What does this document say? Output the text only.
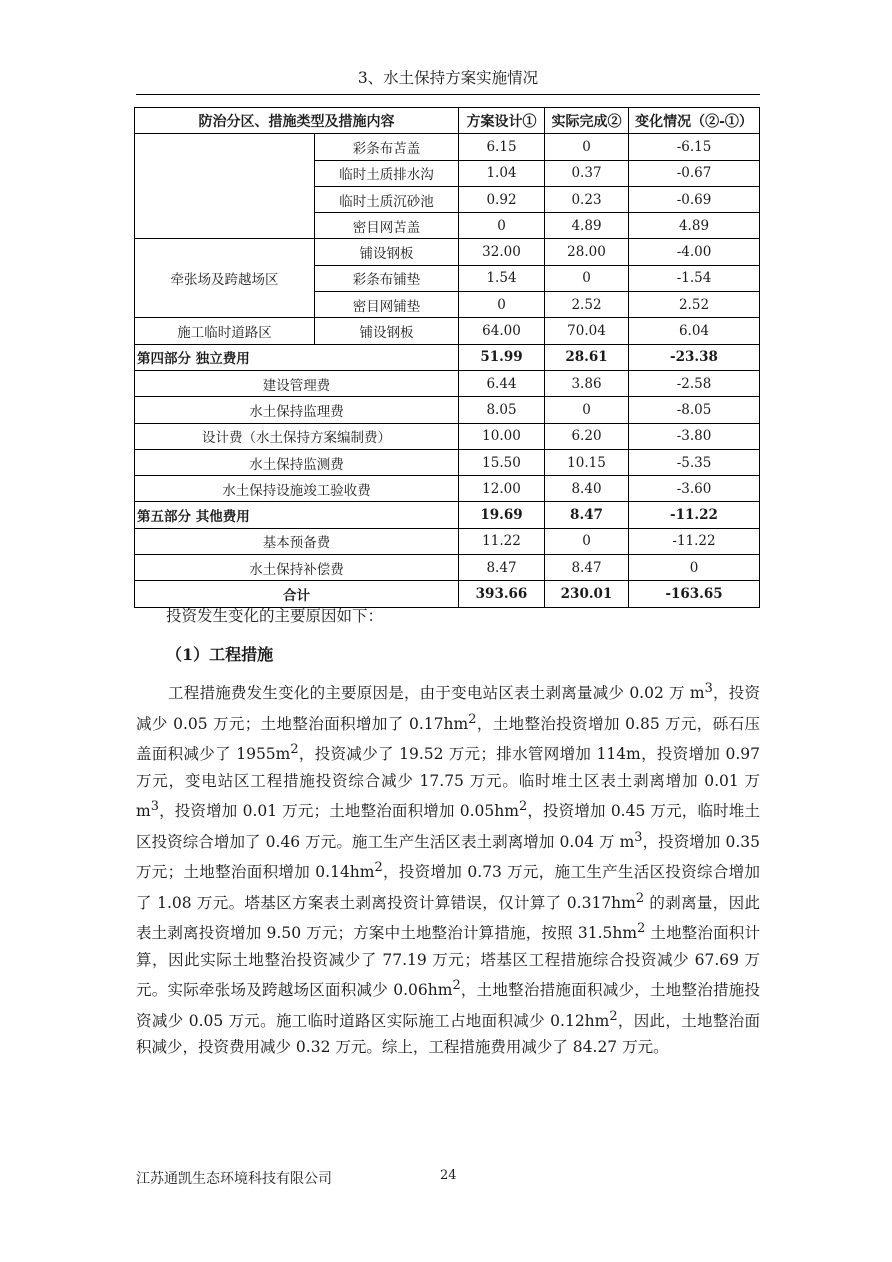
3、水土保持方案实施情况
防治分区、措施类型及措施内容		方案设计①	实际完成②	变化情况（②-①）
	彩条布苫盖	6.15	0	-6.15
	临时土质排水沟	1.04	0.37	-0.67
	临时土质沉砂池	0.92	0.23	-0.69
	密目网苫盖	0	4.89	4.89
牵张场及跨越场区	铺设钢板	32.00	28.00	-4.00
	彩条布铺垫	1.54	0	-1.54
	密目网铺垫	0	2.52	2.52
施工临时道路区	铺设钢板	64.00	70.04	6.04
第四部分 独立费用		51.99	28.61	-23.38
建设管理费		6.44	3.86	-2.58
水土保持监理费		8.05	0	-8.05
设计费（水土保持方案编制费）		10.00	6.20	-3.80
水土保持监测费		15.50	10.15	-5.35
水土保持设施竣工验收费		12.00	8.40	-3.60
第五部分 其他费用		19.69	8.47	-11.22
基本预备费		11.22	0	-11.22
水土保持补偿费		8.47	8.47	0
合计		393.66	230.01	-163.65
投资发生变化的主要原因如下：
（1）工程措施
工程措施费发生变化的主要原因是，由于变电站区表土剥离量减少 0.02 万 $m^3$，投资减少 0.05 万元；土地整治面积增加了 $0.17hm^2$，土地整治投资增加 0.85 万元，砾石压盖面积减少了 $1955m^2$，投资减少了 19.52 万元；排水管网增加 114m，投资增加 0.97 万元，变电站区工程措施投资综合减少 17.75 万元。临时堆土区表土剥离增加 0.01 万 $m^3$，投资增加 0.01 万元；土地整治面积增加 $0.05hm^2$，投资增加 0.45 万元，临时堆土区投资综合增加了 0.46 万元。施工生产生活区表土剥离增加 0.04 万 $m^3$，投资增加 0.35 万元；土地整治面积增加 $0.14hm^2$，投资增加 0.73 万元，施工生产生活区投资综合增加了 1.08 万元。塔基区方案表土剥离投资计算错误，仅计算了 $0.317hm^2$ 的剥离量，因此表土剥离投资增加 9.50 万元；方案中土地整治计算措施，按照 $31.5hm^2$ 土地整治面积计算，因此实际土地整治投资减少了 77.19 万元；塔基区工程措施综合投资减少 67.69 万元。实际牵张场及跨越场区面积减少 $0.06hm^2$，土地整治措施面积减少，土地整治措施投资减少 0.05 万元。施工临时道路区实际施工占地面积减少 $0.12hm^2$，因此，土地整治面积减少，投资费用减少 0.32 万元。综上，工程措施费用减少了 84.27 万元。
江苏通凯生态环境科技有限公司	24
